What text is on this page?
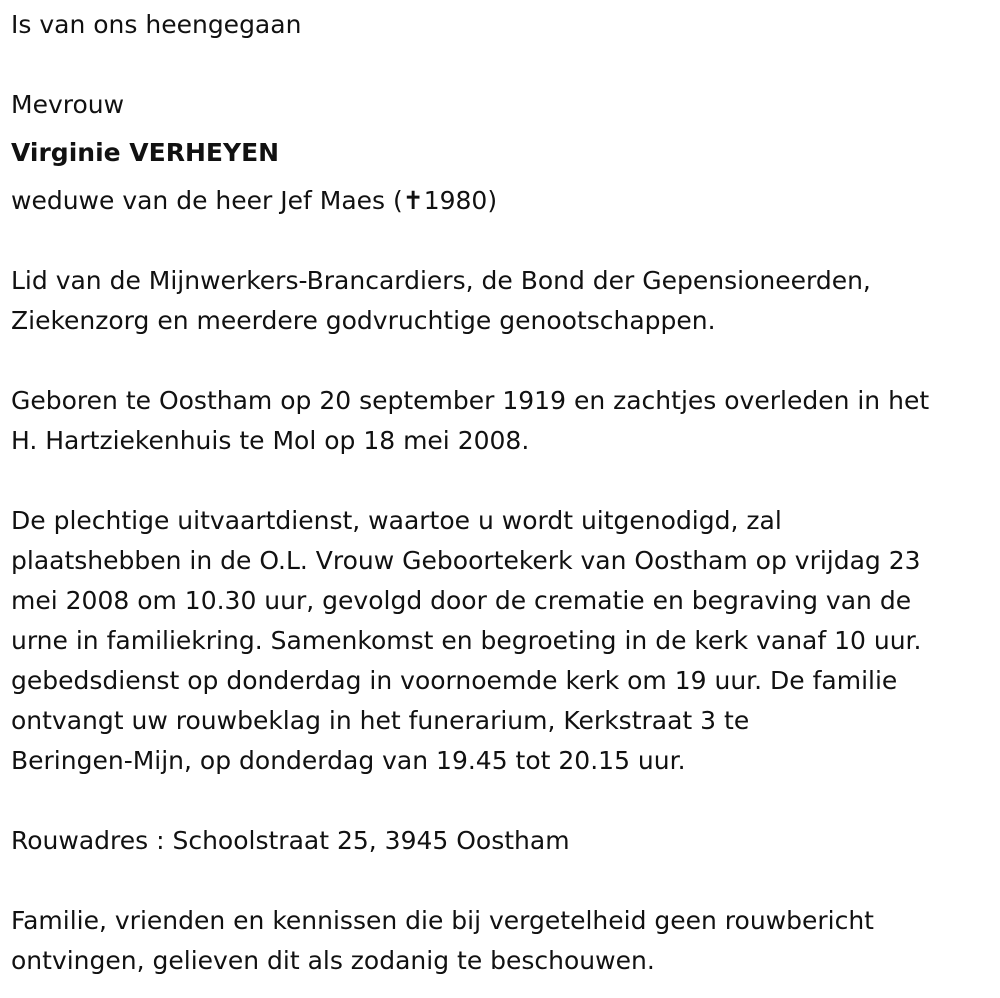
Is van ons heengegaan
Mevrouw
Virginie VERHEYEN
weduwe van de heer Jef Maes (✝1980)
Lid van de Mijnwerkers-Brancardiers, de Bond der Gepensioneerden,
Ziekenzorg en meerdere godvruchtige genootschappen.
Geboren te Oostham op 20 september 1919 en zachtjes overleden in het
H. Hartziekenhuis te Mol op 18 mei 2008.
De plechtige uitvaartdienst, waartoe u wordt uitgenodigd, zal
plaatshebben in de O.L. Vrouw Geboortekerk van Oostham op vrijdag 23
mei 2008 om 10.30 uur, gevolgd door de crematie en begraving van de
urne in familiekring. Samenkomst en begroeting in de kerk vanaf 10 uur.
gebedsdienst op donderdag in voornoemde kerk om 19 uur. De familie
ontvangt uw rouwbeklag in het funerarium, Kerkstraat 3 te
Beringen-Mijn, op donderdag van 19.45 tot 20.15 uur.
Rouwadres : Schoolstraat 25, 3945 Oostham
Familie, vrienden en kennissen die bij vergetelheid geen rouwbericht
ontvingen, gelieven dit als zodanig te beschouwen.
